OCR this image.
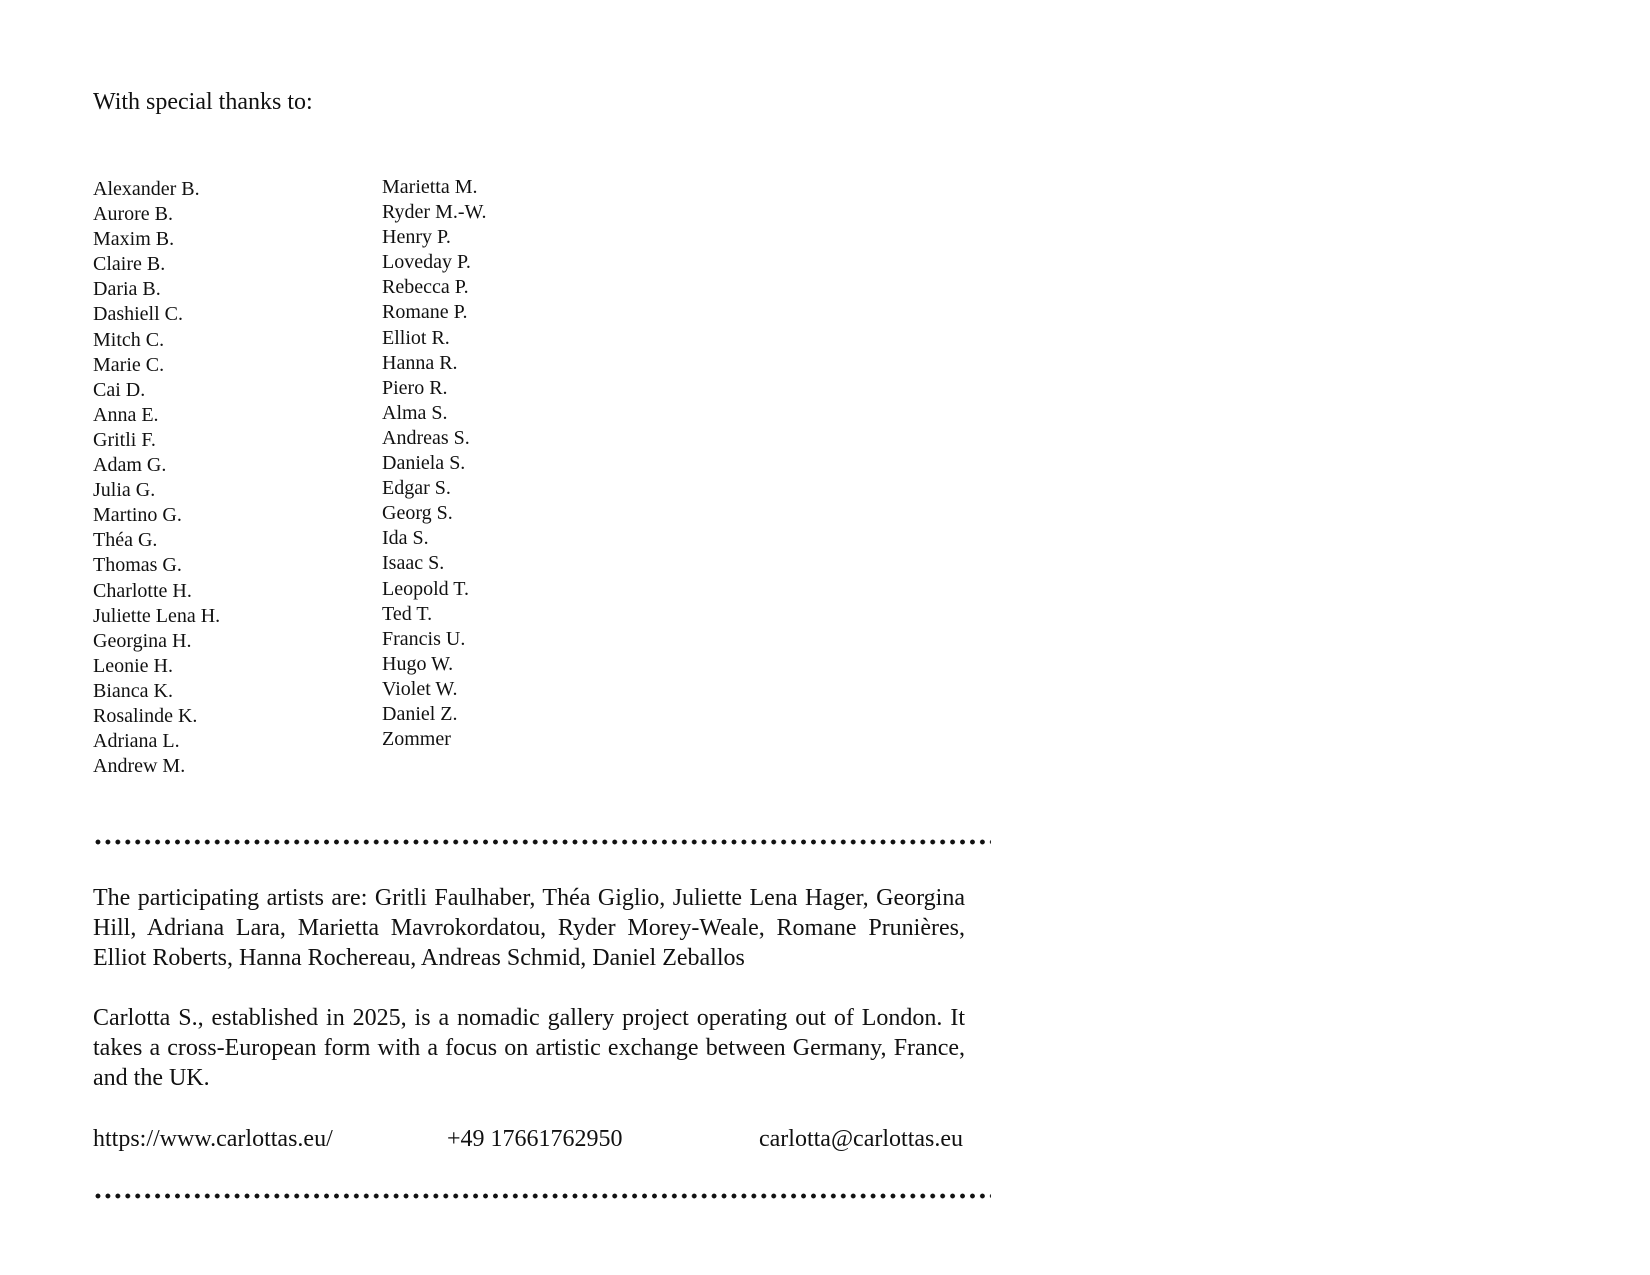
With special thanks to:
Alexander B.
Aurore B.
Maxim B.
Claire B.
Daria B.
Dashiell C.
Mitch C.
Marie C.
Cai D.
Anna E.
Gritli F.
Adam G.
Julia G.
Martino G.
Théa G.
Thomas G.
Charlotte H.
Juliette Lena H.
Georgina H.
Leonie H.
Bianca K.
Rosalinde K.
Adriana L.
Andrew M.
Marietta M.
Ryder M.-W.
Henry P.
Loveday P.
Rebecca P.
Romane P.
Elliot R.
Hanna R.
Piero R.
Alma S.
Andreas S.
Daniela S.
Edgar S.
Georg S.
Ida S.
Isaac S.
Leopold T.
Ted T.
Francis U.
Hugo W.
Violet W.
Daniel Z.
Zommer

The participating artists are: Gritli Faulhaber, Théa Giglio, Juliette Lena Hager, Georgina Hill, Adriana Lara, Marietta Mavrokordatou, Ryder Morey-Weale, Romane Prunières, Elliot Roberts, Hanna Rochereau, Andreas Schmid, Daniel Zeballos

Carlotta S., established in 2025, is a nomadic gallery project operating out of London. It takes a cross-European form with a focus on artistic exchange between Germany, France, and the UK.

https://www.carlottas.eu/	+49 17661762950	carlotta@carlottas.eu
